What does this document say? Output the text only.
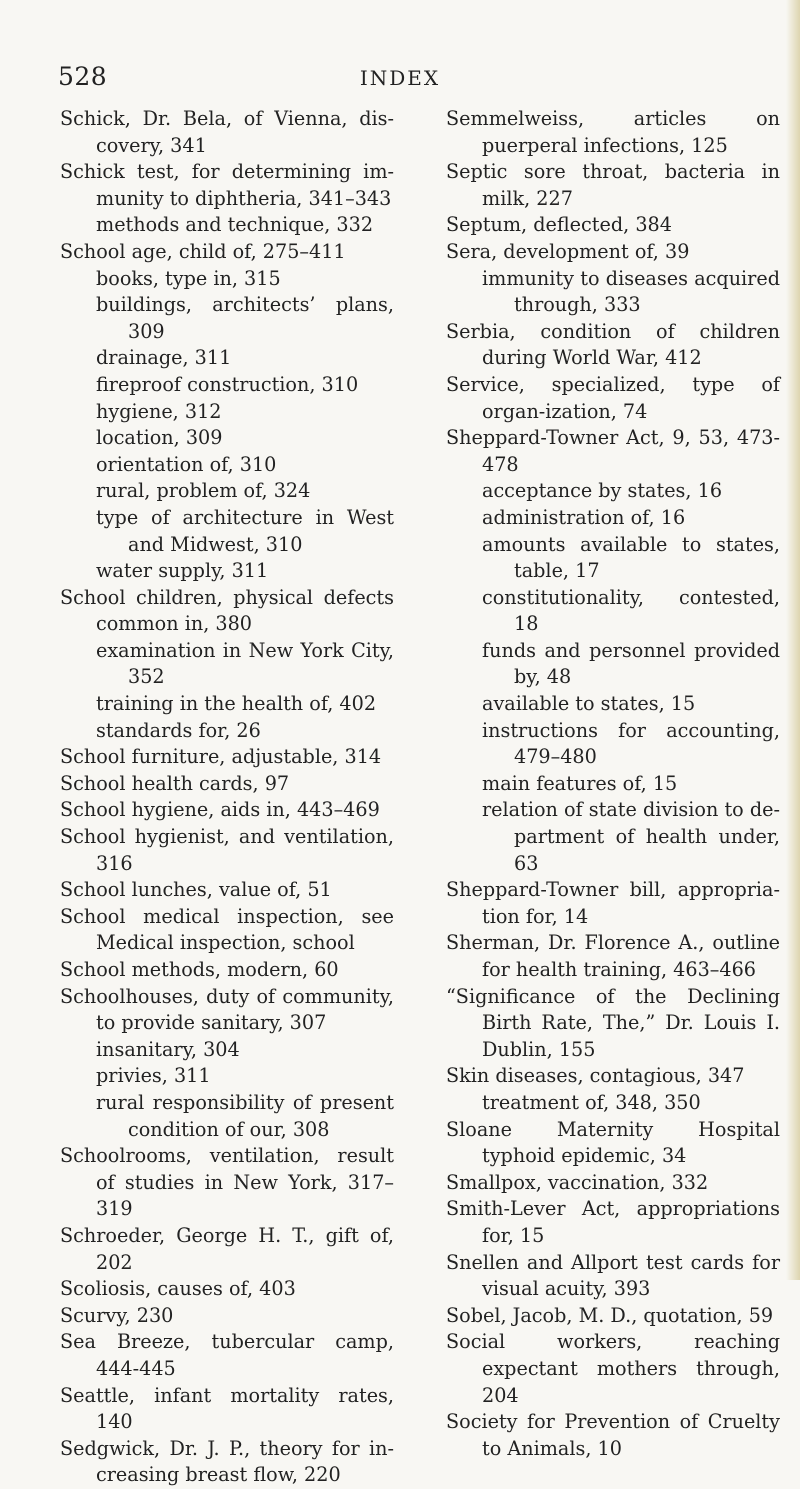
528	INDEX
Schick, Dr. Bela, of Vienna, dis-covery, 341
Schick test, for determining im-munity to diphtheria, 341–343
methods and technique, 332
School age, child of, 275–411
books, type in, 315
buildings, architects’ plans, 309
drainage, 311
fireproof construction, 310
hygiene, 312
location, 309
orientation of, 310
rural, problem of, 324
type of architecture in West and Midwest, 310
water supply, 311
School children, physical defects common in, 380
examination in New York City, 352
training in the health of, 402
standards for, 26
School furniture, adjustable, 314
School health cards, 97
School hygiene, aids in, 443–469
School hygienist, and ventilation, 316
School lunches, value of, 51
School medical inspection, see Medical inspection, school
School methods, modern, 60
Schoolhouses, duty of community, to provide sanitary, 307
insanitary, 304
privies, 311
rural responsibility of present condition of our, 308
Schoolrooms, ventilation, result of studies in New York, 317–319
Schroeder, George H. T., gift of, 202
Scoliosis, causes of, 403
Scurvy, 230
Sea Breeze, tubercular camp, 444-445
Seattle, infant mortality rates, 140
Sedgwick, Dr. J. P., theory for in-creasing breast flow, 220
Semmelweiss, articles on puerperal infections, 125
Septic sore throat, bacteria in milk, 227
Septum, deflected, 384
Sera, development of, 39
immunity to diseases acquired through, 333
Serbia, condition of children during World War, 412
Service, specialized, type of organ-ization, 74
Sheppard-Towner Act, 9, 53, 473-478
acceptance by states, 16
administration of, 16
amounts available to states, table, 17
constitutionality, contested, 18
funds and personnel provided by, 48
available to states, 15
instructions for accounting, 479–480
main features of, 15
relation of state division to de-partment of health under, 63
Sheppard-Towner bill, appropria-tion for, 14
Sherman, Dr. Florence A., outline for health training, 463–466
“Significance of the Declining Birth Rate, The,” Dr. Louis I. Dublin, 155
Skin diseases, contagious, 347
treatment of, 348, 350
Sloane Maternity Hospital typhoid epidemic, 34
Smallpox, vaccination, 332
Smith-Lever Act, appropriations for, 15
Snellen and Allport test cards for visual acuity, 393
Sobel, Jacob, M. D., quotation, 59
Social workers, reaching expectant mothers through, 204
Society for Prevention of Cruelty to Animals, 10
